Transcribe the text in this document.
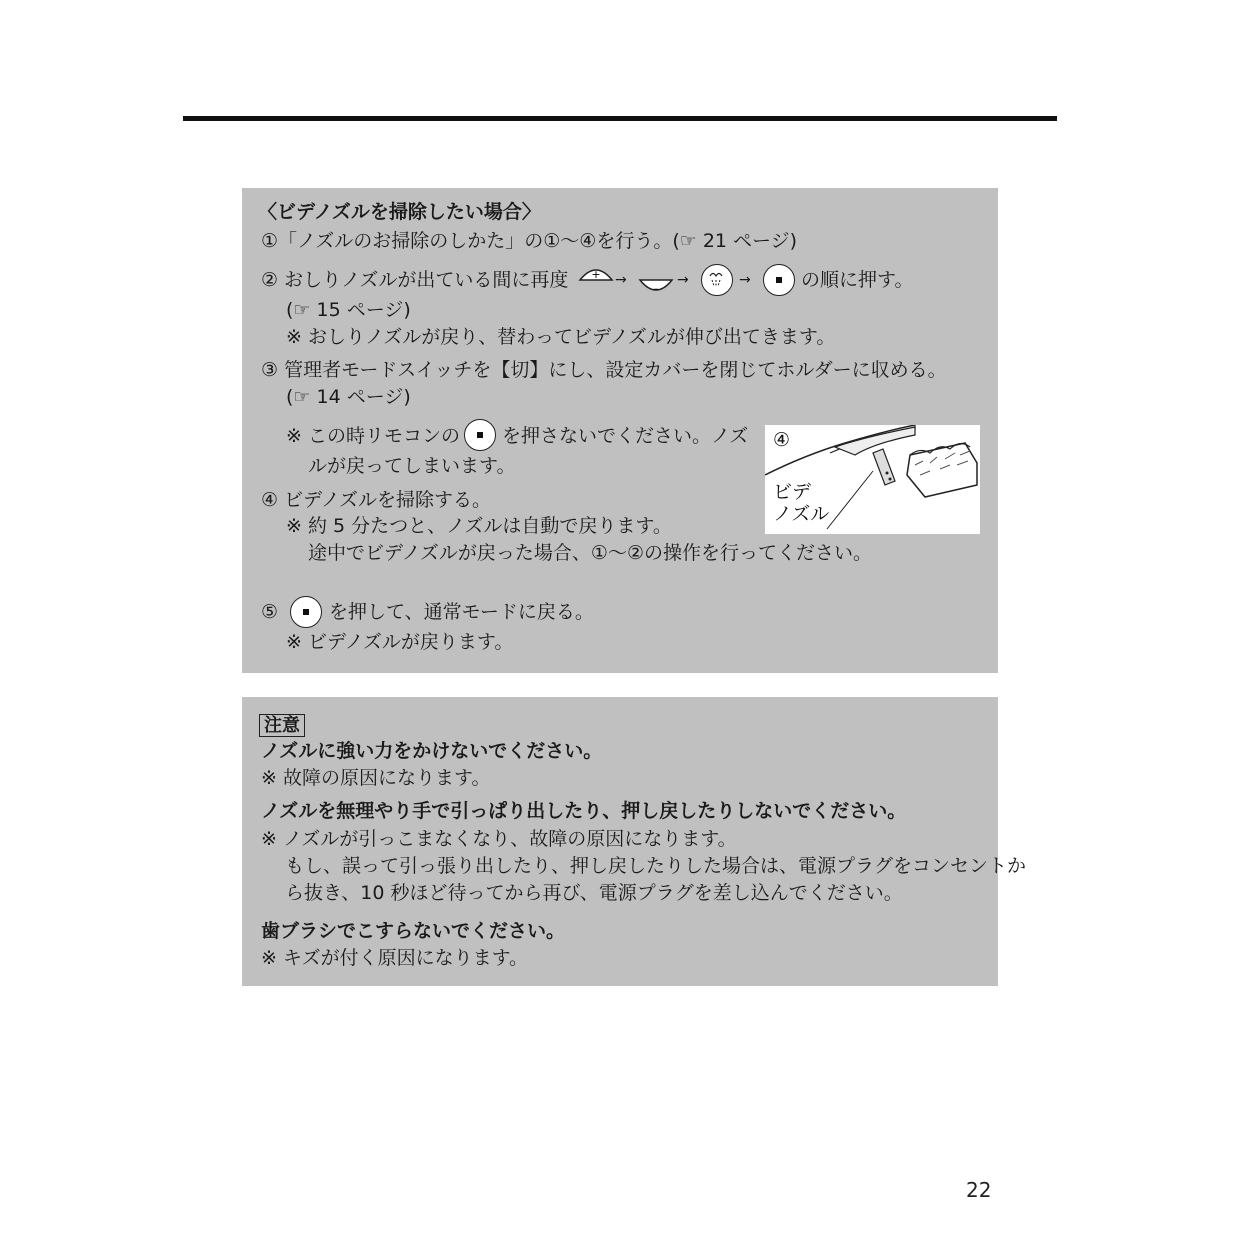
〈ビデノズルを掃除したい場合〉
①「ノズルのお掃除のしかた」の①〜④を行う。(☞ 21 ページ)
② おしりノズルが出ている間に再度 + →
–
→	→	の順に押す。
(☞ 15 ページ)
※ おしりノズルが戻り、替わってビデノズルが伸び出てきます。
③ 管理者モードスイッチを【切】にし、設定カバーを閉じてホルダーに収める。
(☞ 14 ページ)
※ この時リモコンの を押さないでください。ノズ
ルが戻ってしまいます。
④ ビデノズルを掃除する。
※ 約 5 分たつと、ノズルは自動で戻ります。
途中でビデノズルが戻った場合、①〜②の操作を行ってください。
⑤	を押して、通常モードに戻る。
※ ビデノズルが戻ります。
④
ビデ
ノズル
注意
ノズルに強い力をかけないでください。
※ 故障の原因になります。
ノズルを無理やり手で引っぱり出したり、押し戻したりしないでください。
※ ノズルが引っこまなくなり、故障の原因になります。
もし、誤って引っ張り出したり、押し戻したりした場合は、電源プラグをコンセントか
ら抜き、10 秒ほど待ってから再び、電源プラグを差し込んでください。
歯ブラシでこすらないでください。
※ キズが付く原因になります。
22
